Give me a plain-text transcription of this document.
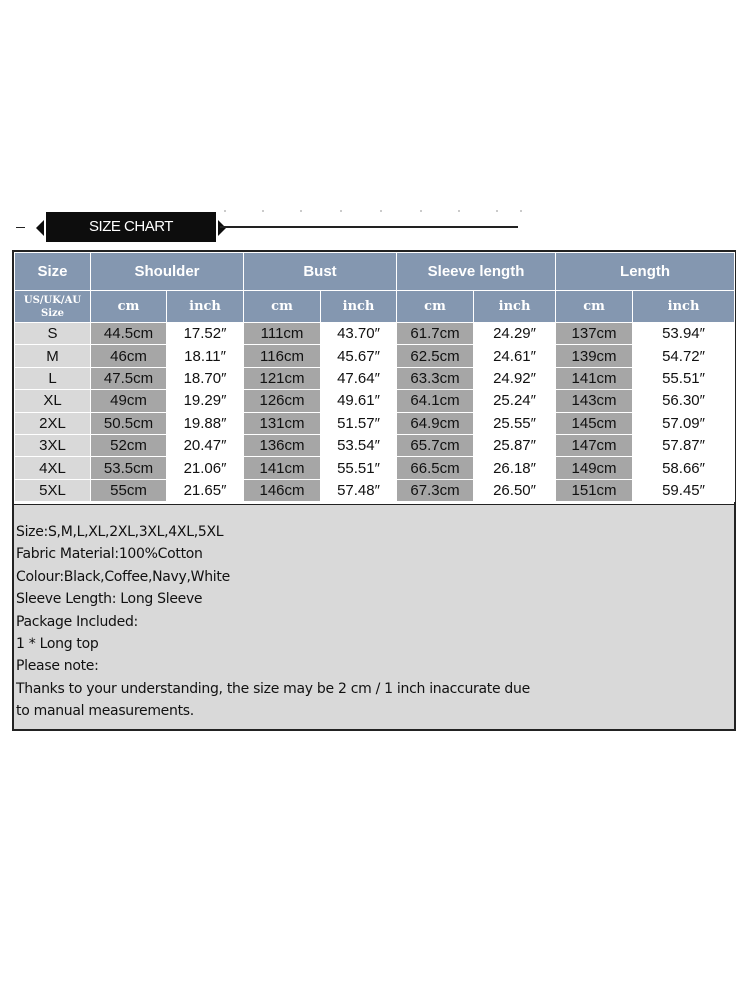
SIZE CHART
Size	Shoulder		Bust		Sleeve length		Length	
US/UK/AU
Size	cm	inch	cm	inch	cm	inch	cm	inch
S	44.5cm	17.52″	111cm	43.70″	61.7cm	24.29″	137cm	53.94″
M	46cm	18.11″	116cm	45.67″	62.5cm	24.61″	139cm	54.72″
L	47.5cm	18.70″	121cm	47.64″	63.3cm	24.92″	141cm	55.51″
XL	49cm	19.29″	126cm	49.61″	64.1cm	25.24″	143cm	56.30″
2XL	50.5cm	19.88″	131cm	51.57″	64.9cm	25.55″	145cm	57.09″
3XL	52cm	20.47″	136cm	53.54″	65.7cm	25.87″	147cm	57.87″
4XL	53.5cm	21.06″	141cm	55.51″	66.5cm	26.18″	149cm	58.66″
5XL	55cm	21.65″	146cm	57.48″	67.3cm	26.50″	151cm	59.45″
Size:S,M,L,XL,2XL,3XL,4XL,5XL
Fabric Material:100%Cotton
Colour:Black,Coffee,Navy,White
Sleeve Length: Long Sleeve
Package Included:
1 * Long top
Please note:
Thanks to your understanding, the size may be 2 cm / 1 inch inaccurate due
to manual measurements.
